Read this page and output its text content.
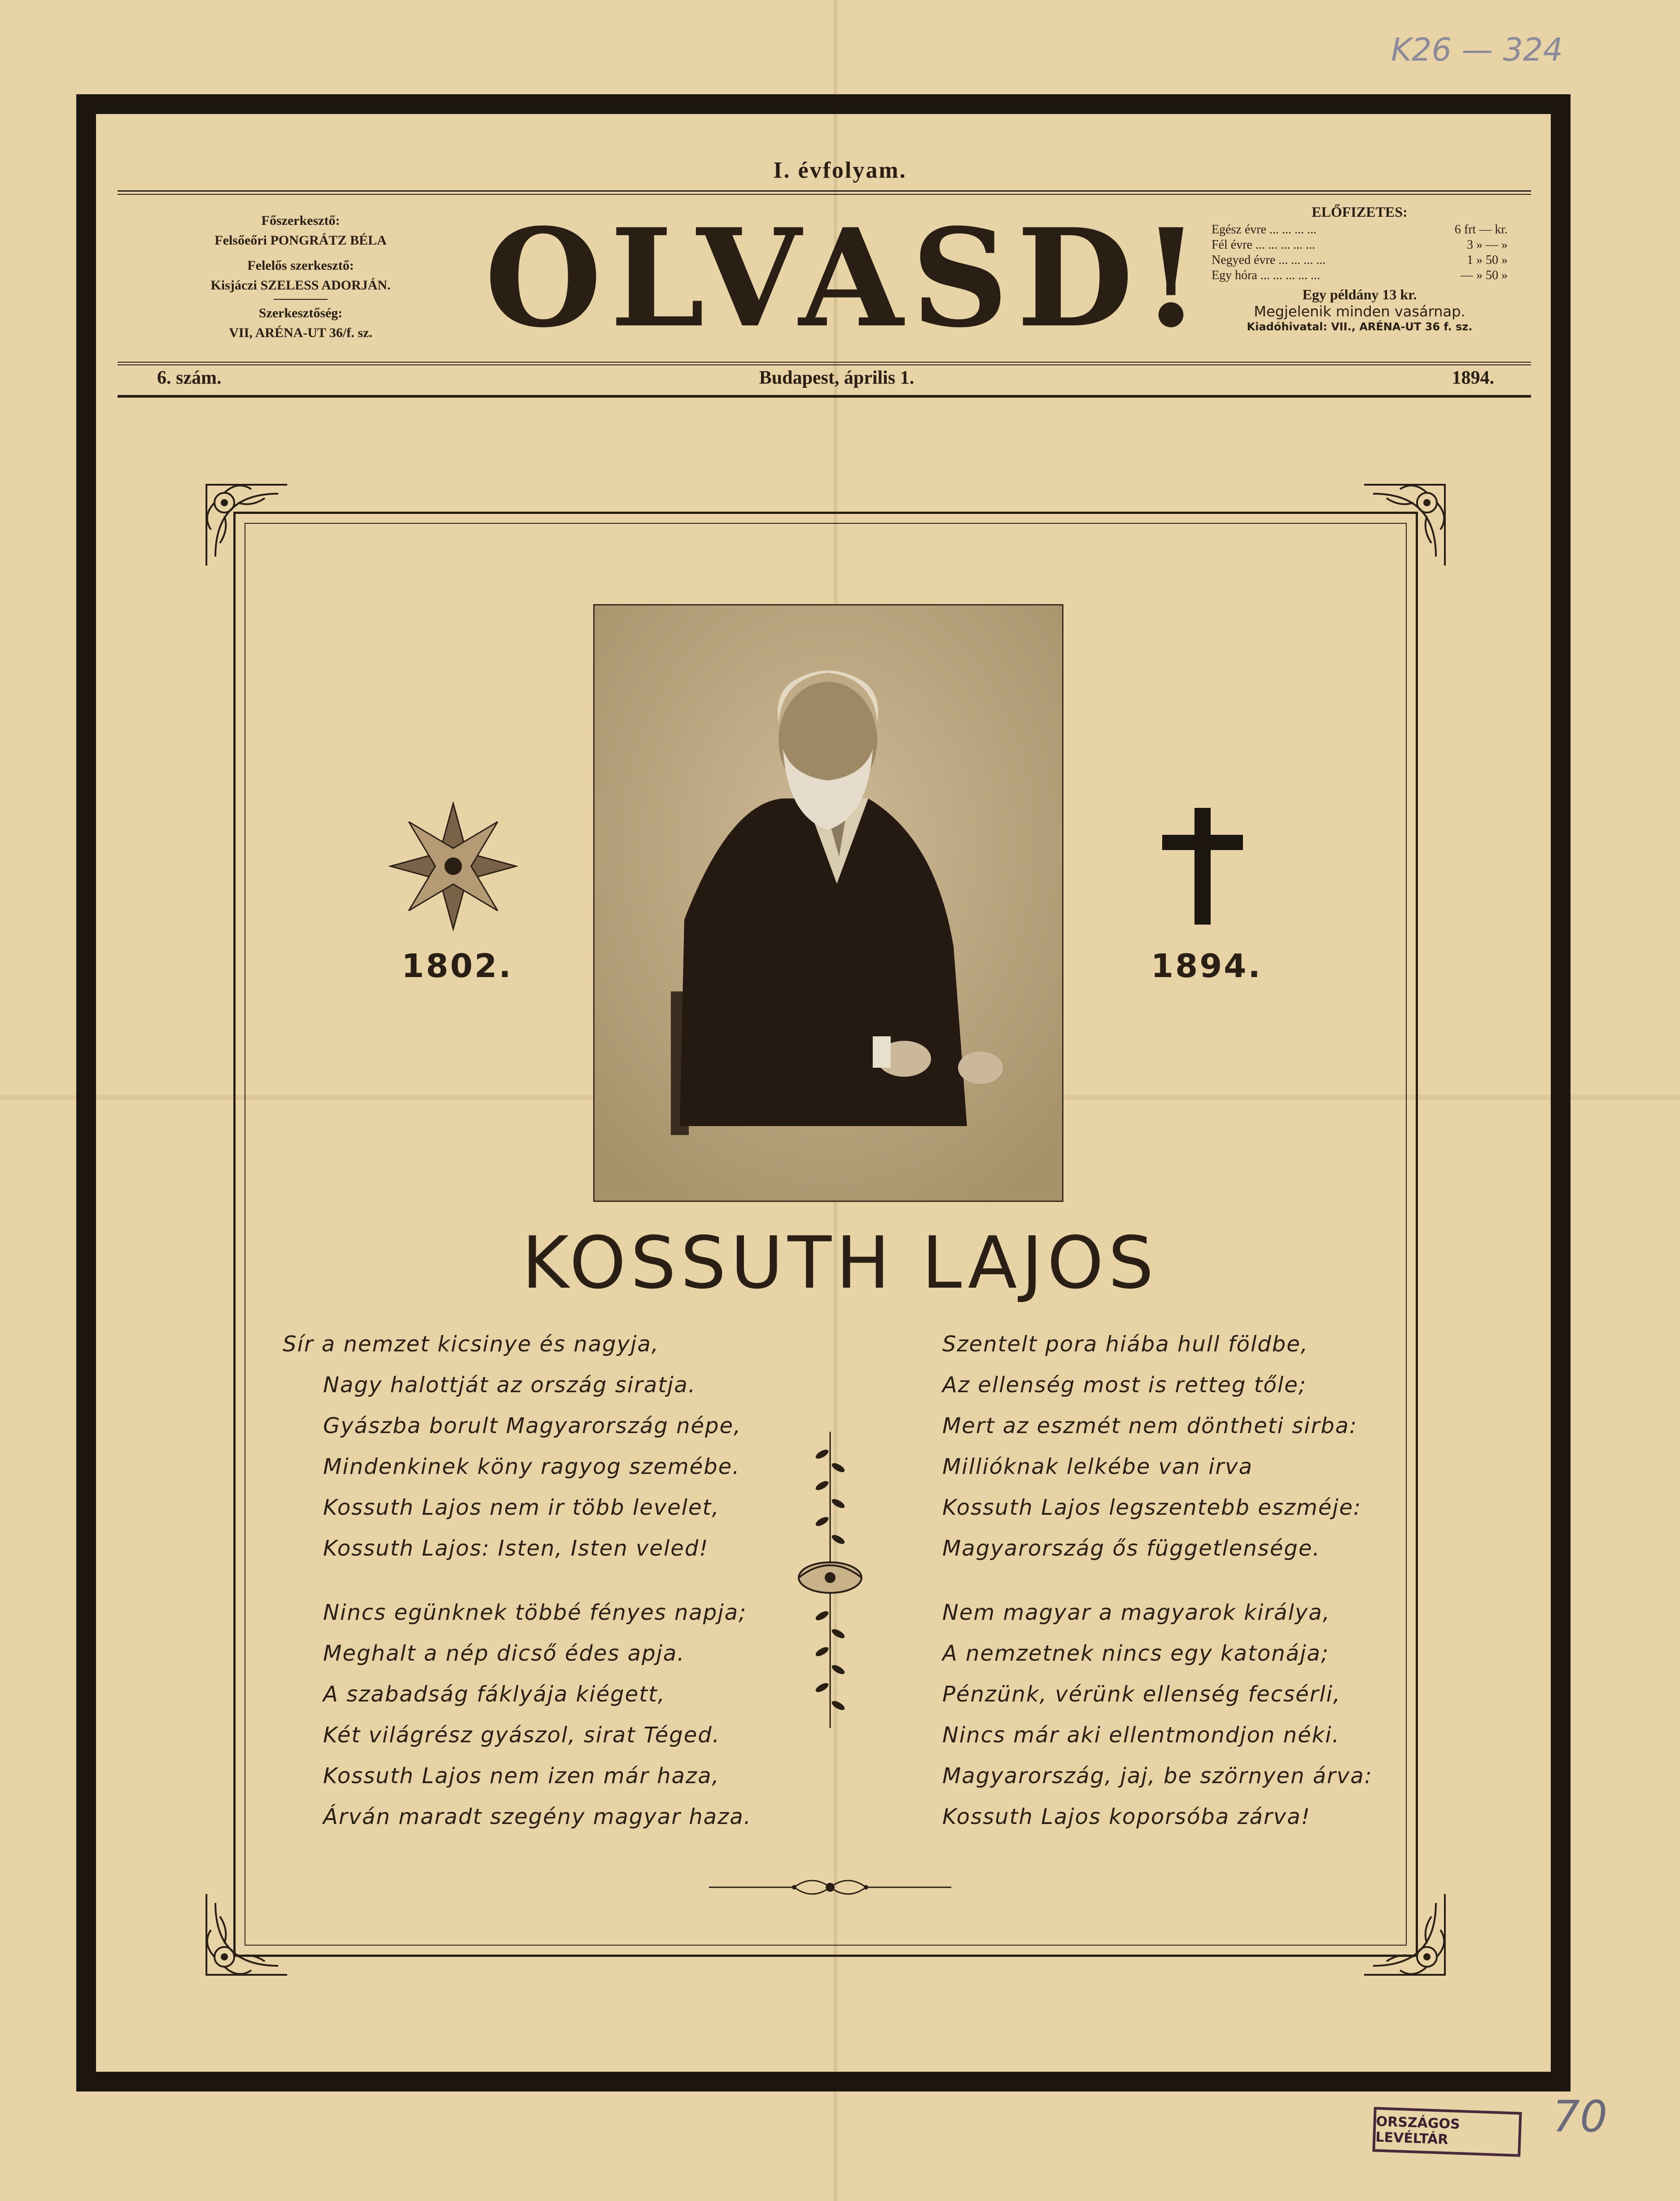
K26 — 324
I. évfolyam.
Főszerkesztő:
Felsőeőri PONGRÁTZ BÉLA
Felelős szerkesztő:
Kisjáczi SZELESS ADORJÁN.
Szerkesztőség:
VII, ARÉNA-UT 36/f. sz. OLVASD!	ELŐFIZETES:
Egész évre ... ... ... ...	6 frt — kr.
Fél évre ... ... ... ... ...	3 » — »
Negyed évre ... ... ... ...	1 » 50 »
Egy hóra ... ... ... ... ...	— » 50 »
Egy példány 13 kr.
Megjelenik minden vasárnap.
Kiadóhivatal: VII., ARÉNA-UT 36 f. sz.
6. szám.	Budapest, április 1.	1894.
1802.	1894.
KOSSUTH LAJOS
Sír a nemzet kicsinye és nagyja,
Nagy halottját az ország siratja.
Gyászba borult Magyarország népe,
Mindenkinek köny ragyog szemébe.
Kossuth Lajos nem ir több levelet,
Kossuth Lajos: Isten, Isten veled!
Nincs egünknek többé fényes napja;
Meghalt a nép dicső édes apja.
A szabadság fáklyája kiégett,
Két világrész gyászol, sirat Téged.
Kossuth Lajos nem izen már haza,
Árván maradt szegény magyar haza.
Szentelt pora hiába hull földbe,
Az ellenség most is retteg tőle;
Mert az eszmét nem döntheti sirba:
Millióknak lelkébe van irva
Kossuth Lajos legszentebb eszméje:
Magyarország ős függetlensége.
Nem magyar a magyarok királya,
A nemzetnek nincs egy katonája;
Pénzünk, vérünk ellenség fecsérli,
Nincs már aki ellentmondjon néki.
Magyarország, jaj, be szörnyen árva:
Kossuth Lajos koporsóba zárva!
ORSZÁGOS LEVÉLTÁR	70
